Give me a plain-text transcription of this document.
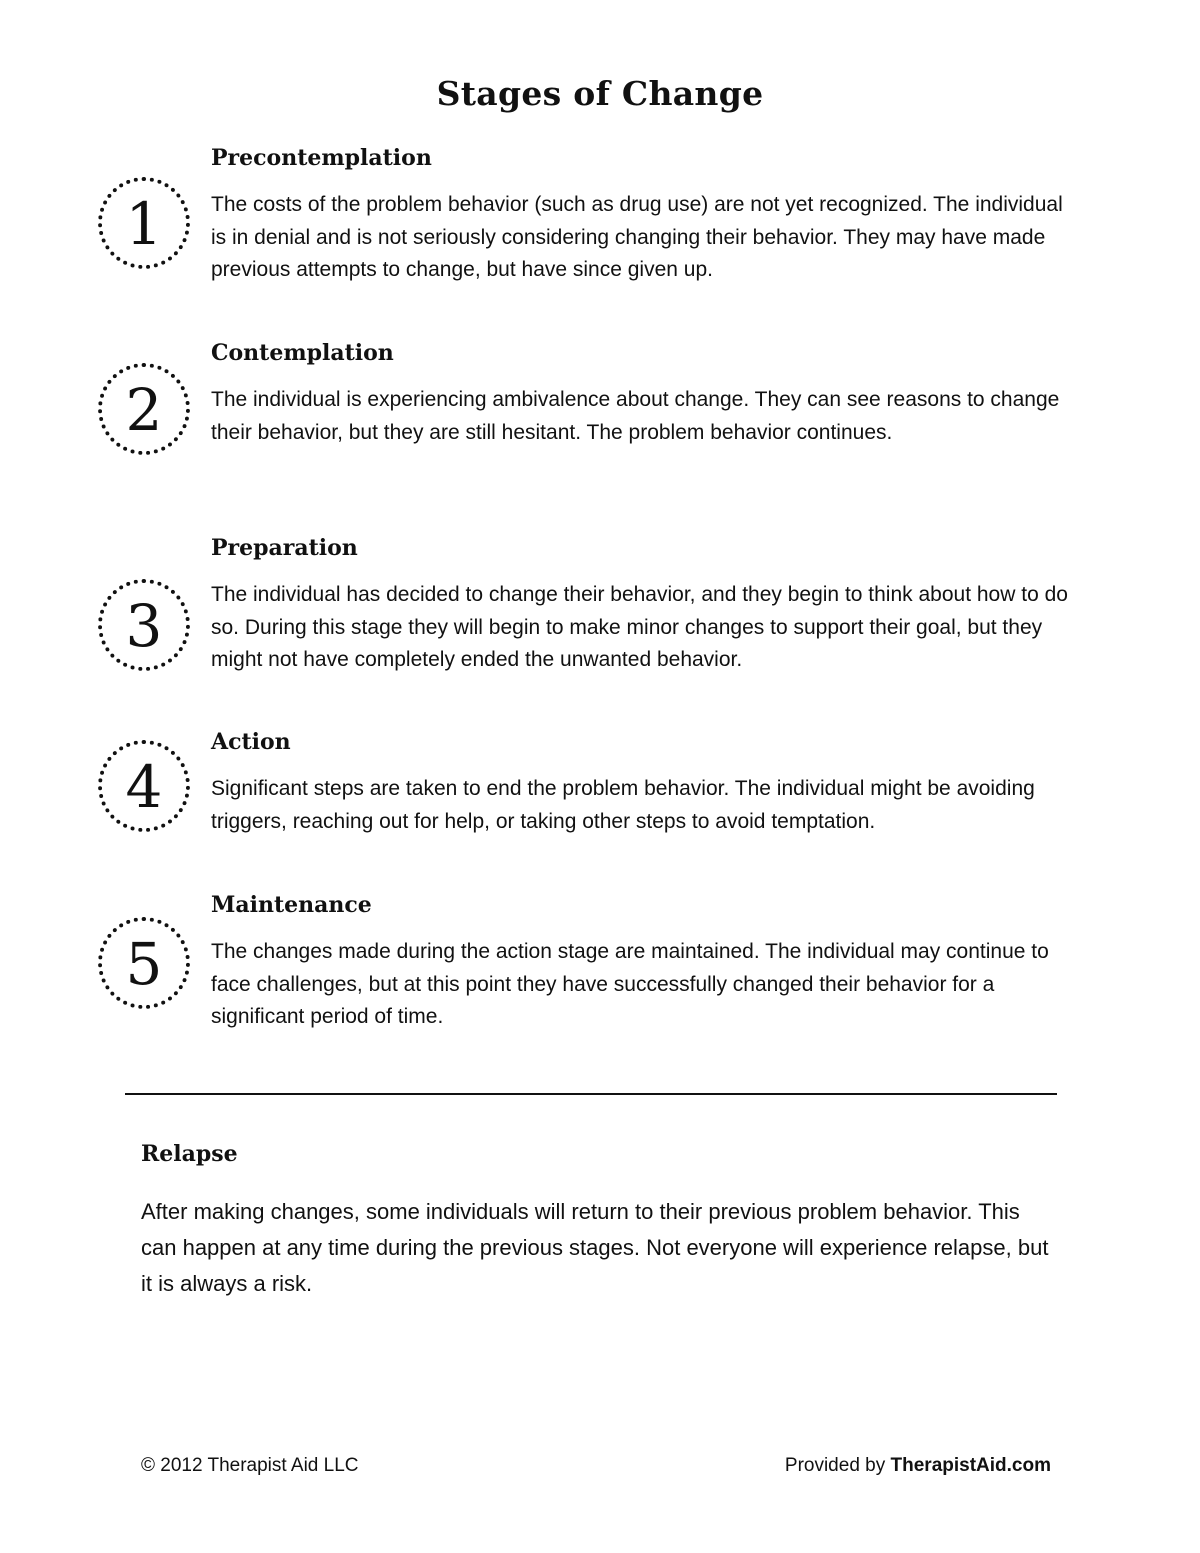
Stages of Change
1
Precontemplation

The costs of the problem behavior (such as drug use) are not yet recognized. The individual is in denial and is not seriously considering changing their behavior. They may have made previous attempts to change, but have since given up.

2
Contemplation

The individual is experiencing ambivalence about change. They can see reasons to change their behavior, but they are still hesitant. The problem behavior continues.

3
Preparation

The individual has decided to change their behavior, and they begin to think about how to do so. During this stage they will begin to make minor changes to support their goal, but they might not have completely ended the unwanted behavior.

4
Action

Significant steps are taken to end the problem behavior. The individual might be avoiding triggers, reaching out for help, or taking other steps to avoid temptation.

5
Maintenance

The changes made during the action stage are maintained. The individual may continue to face challenges, but at this point they have successfully changed their behavior for a significant period of time.

Relapse

After making changes, some individuals will return to their previous problem behavior. This can happen at any time during the previous stages. Not everyone will experience relapse, but it is always a risk.

© 2012 Therapist Aid LLC	Provided by TherapistAid.com
